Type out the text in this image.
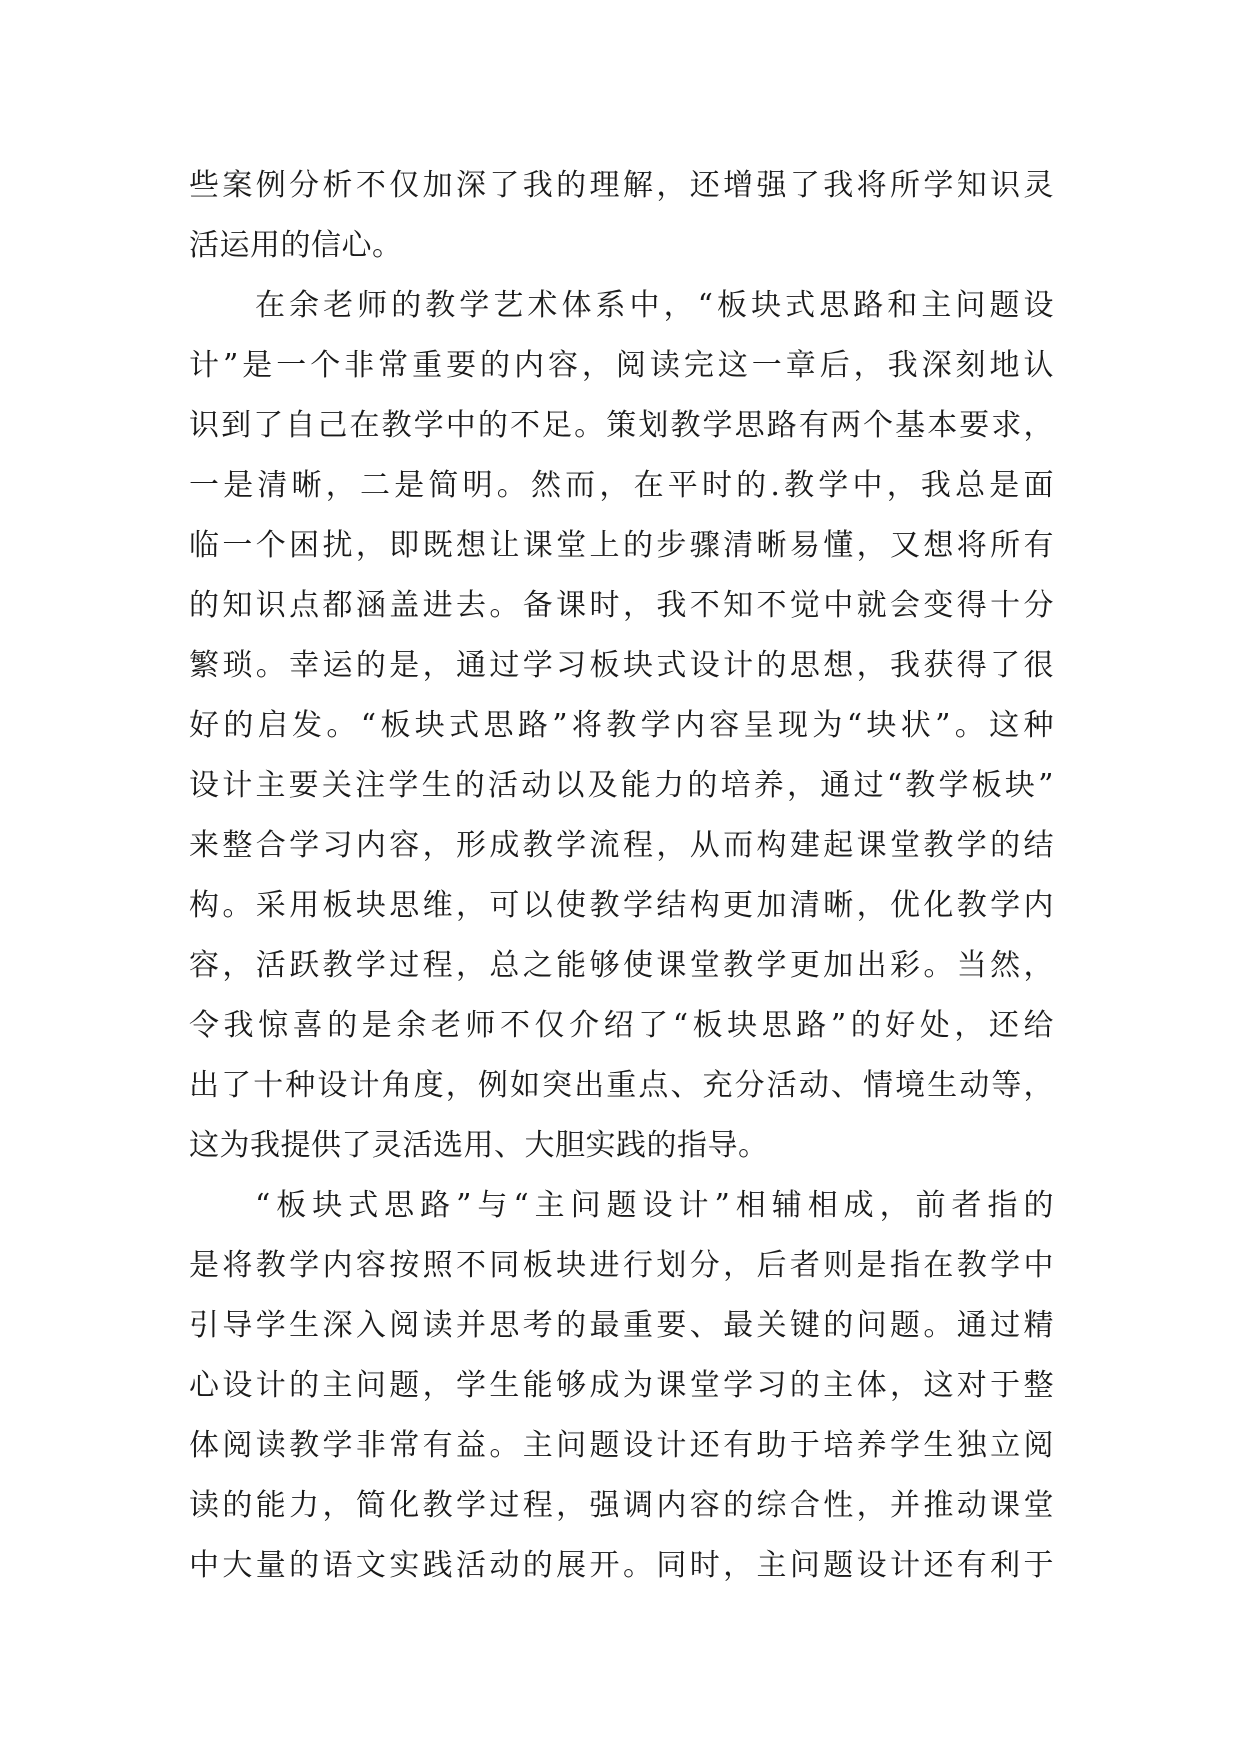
些案例分析不仅加深了我的理解，还增强了我将所学知识灵
活运用的信心。
在余老师的教学艺术体系中，“板块式思路和主问题设
计”是一个非常重要的内容，阅读完这一章后，我深刻地认
识到了自己在教学中的不足。策划教学思路有两个基本要求，
一是清晰，二是简明。然而，在平时的.教学中，我总是面
临一个困扰，即既想让课堂上的步骤清晰易懂，又想将所有
的知识点都涵盖进去。备课时，我不知不觉中就会变得十分
繁琐。幸运的是，通过学习板块式设计的思想，我获得了很
好的启发。“板块式思路”将教学内容呈现为“块状”。这种
设计主要关注学生的活动以及能力的培养，通过“教学板块”
来整合学习内容，形成教学流程，从而构建起课堂教学的结
构。采用板块思维，可以使教学结构更加清晰，优化教学内
容，活跃教学过程，总之能够使课堂教学更加出彩。当然，
令我惊喜的是余老师不仅介绍了“板块思路”的好处，还给
出了十种设计角度，例如突出重点、充分活动、情境生动等，
这为我提供了灵活选用、大胆实践的指导。
“板块式思路”与“主问题设计”相辅相成，前者指的
是将教学内容按照不同板块进行划分，后者则是指在教学中
引导学生深入阅读并思考的最重要、最关键的问题。通过精
心设计的主问题，学生能够成为课堂学习的主体，这对于整
体阅读教学非常有益。主问题设计还有助于培养学生独立阅
读的能力，简化教学过程，强调内容的综合性，并推动课堂
中大量的语文实践活动的展开。同时，主问题设计还有利于
